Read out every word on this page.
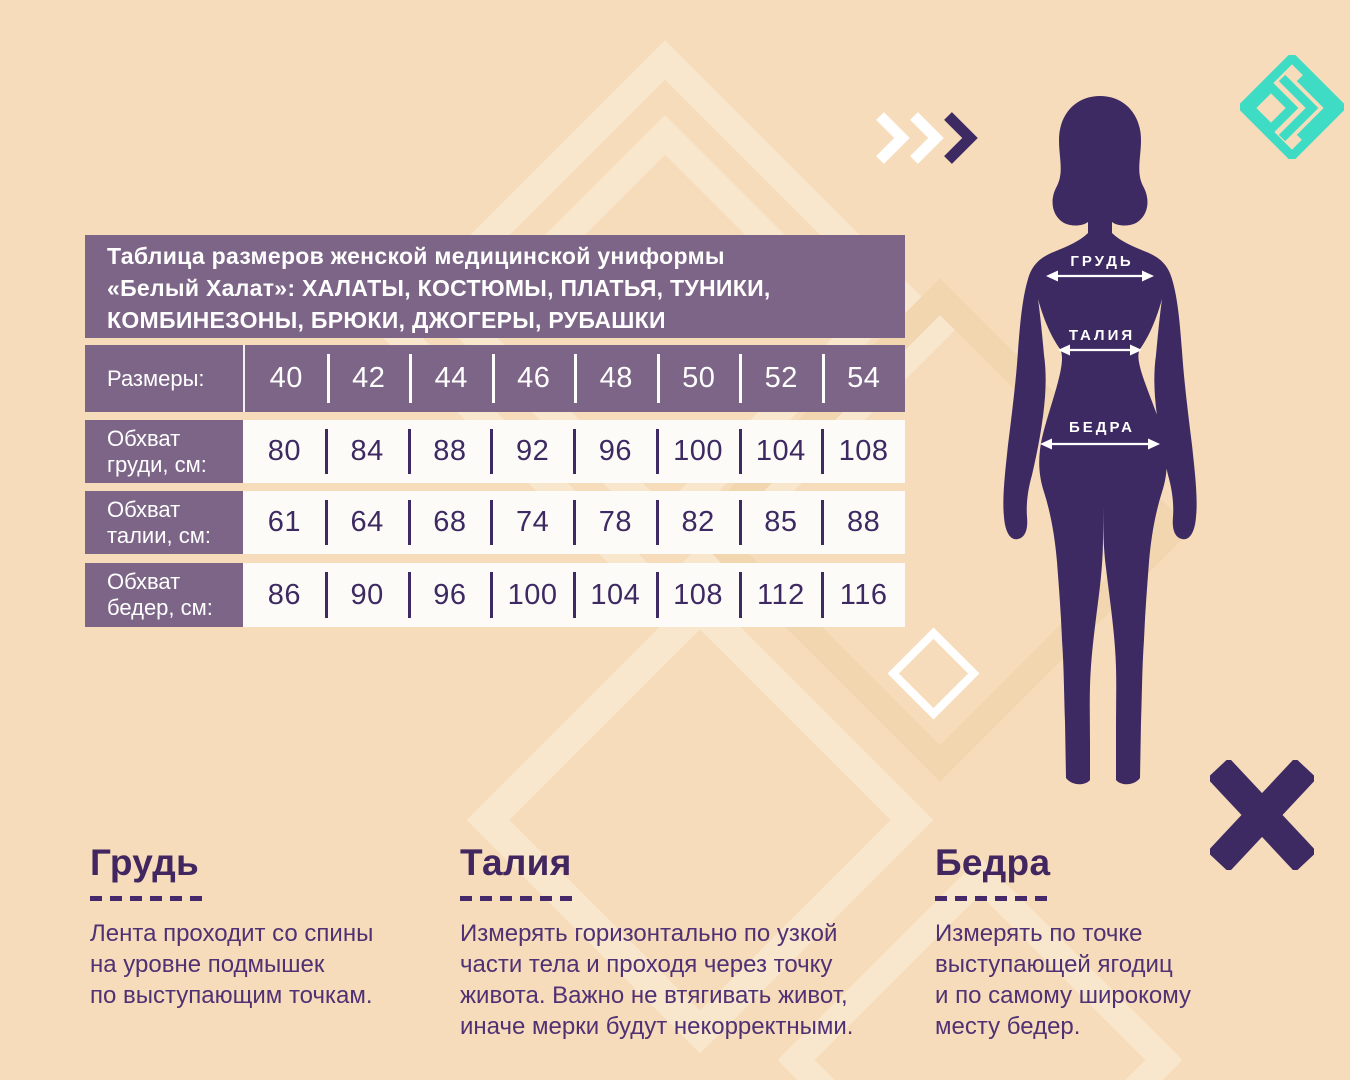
Таблица размеров женской медицинской униформы
«Белый Халат»: ХАЛАТЫ, КОСТЮМЫ, ПЛАТЬЯ, ТУНИКИ,
КОМБИНЕЗОНЫ, БРЮКИ, ДЖОГЕРЫ, РУБАШКИ
Размеры:	40	42	44	46	48	50	52	54
Обхват груди, см:	80	84	88	92	96	100	104	108
Обхват талии, см:	61	64	68	74	78	82	85	88
Обхват бедер, см:	86	90	96	100	104	108	112	116
ГРУДЬ
ТАЛИЯ
БЕДРА
Грудь
Лента проходит со спины
на уровне подмышек
по выступающим точкам.
Талия
Измерять горизонтально по узкой
части тела и проходя через точку
живота. Важно не втягивать живот,
иначе мерки будут некорректными.
Бедра
Измерять по точке
выступающей ягодиц
и по самому широкому
месту бедер.
